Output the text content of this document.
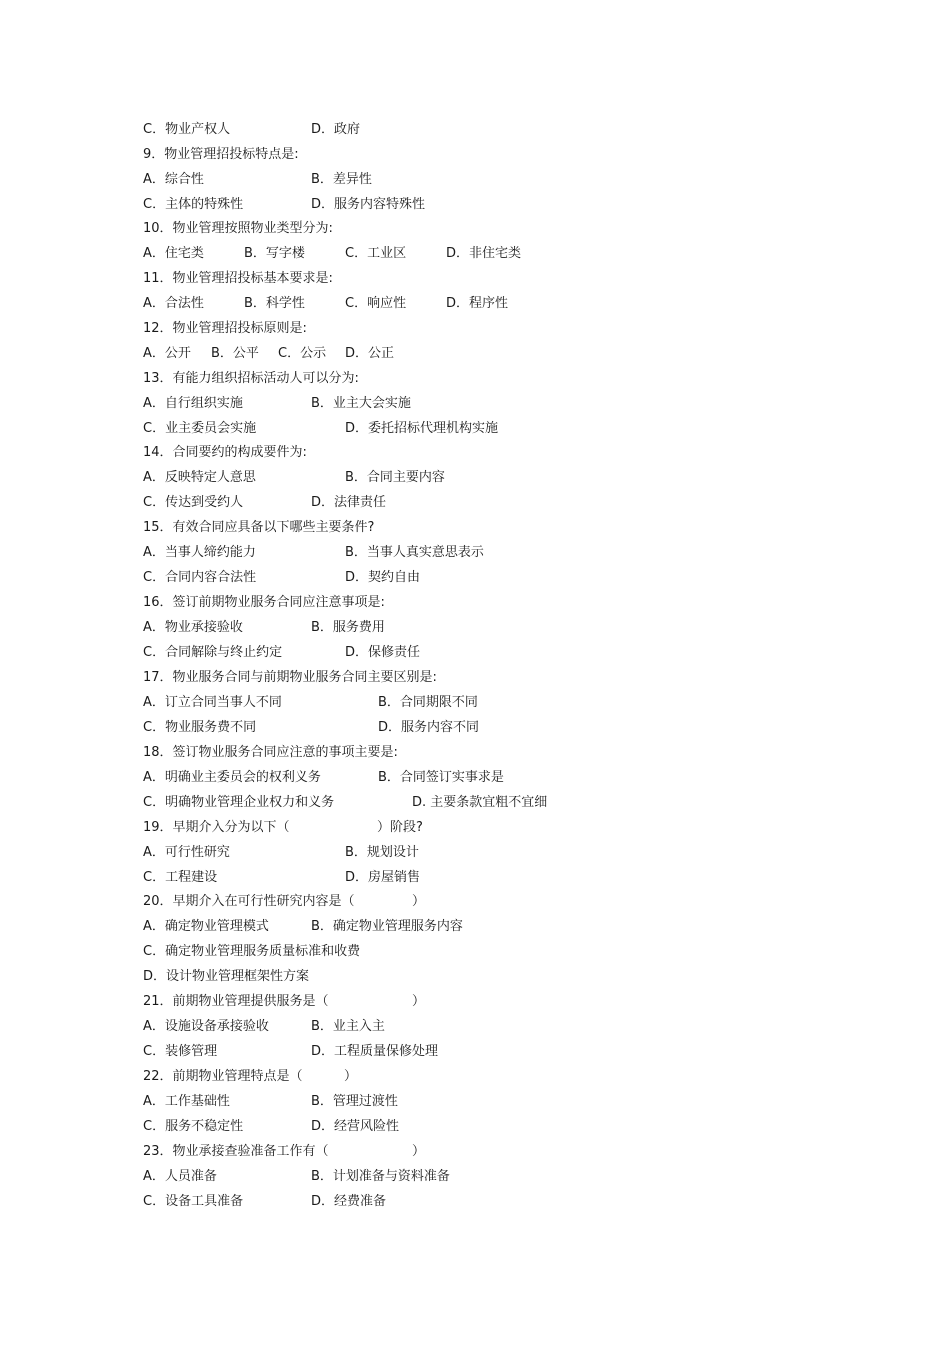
C．物业产权人	D．政府
9．物业管理招投标特点是:
A．综合性	B．差异性
C．主体的特殊性	D．服务内容特殊性
10．物业管理按照物业类型分为:
A．住宅类	B．写字楼	C．工业区	D．非住宅类
11．物业管理招投标基本要求是:
A．合法性	B．科学性	C．响应性	D．程序性
12．物业管理招投标原则是:
A．公开 B．公平 C．公示 D．公正
13．有能力组织招标活动人可以分为:
A．自行组织实施	B．业主大会实施
C．业主委员会实施	D．委托招标代理机构实施
14．合同要约的构成要件为:
A．反映特定人意思	B．合同主要内容
C．传达到受约人	D．法律责任
15．有效合同应具备以下哪些主要条件?
A．当事人缔约能力	B．当事人真实意思表示
C．合同内容合法性	D．契约自由
16．签订前期物业服务合同应注意事项是:
A．物业承接验收	B．服务费用
C．合同解除与终止约定	D．保修责任
17．物业服务合同与前期物业服务合同主要区别是:
A．订立合同当事人不同	B．合同期限不同
C．物业服务费不同	D．服务内容不同
18．签订物业服务合同应注意的事项主要是:
A．明确业主委员会的权利义务	B．合同签订实事求是
C．明确物业管理企业权力和义务	D. 主要条款宜粗不宜细
19．早期介入分为以下（	）阶段?
A．可行性研究	B．规划设计
C．工程建设	D．房屋销售
20．早期介入在可行性研究内容是（	）
A．确定物业管理模式	B．确定物业管理服务内容
C．确定物业管理服务质量标准和收费
D．设计物业管理框架性方案
21．前期物业管理提供服务是（	）
A．设施设备承接验收	B．业主入主
C．装修管理	D．工程质量保修处理
22．前期物业管理特点是（	）
A．工作基础性	B．管理过渡性
C．服务不稳定性	D．经营风险性
23．物业承接查验准备工作有（	）
A．人员准备	B．计划准备与资料准备
C．设备工具准备	D．经费准备
